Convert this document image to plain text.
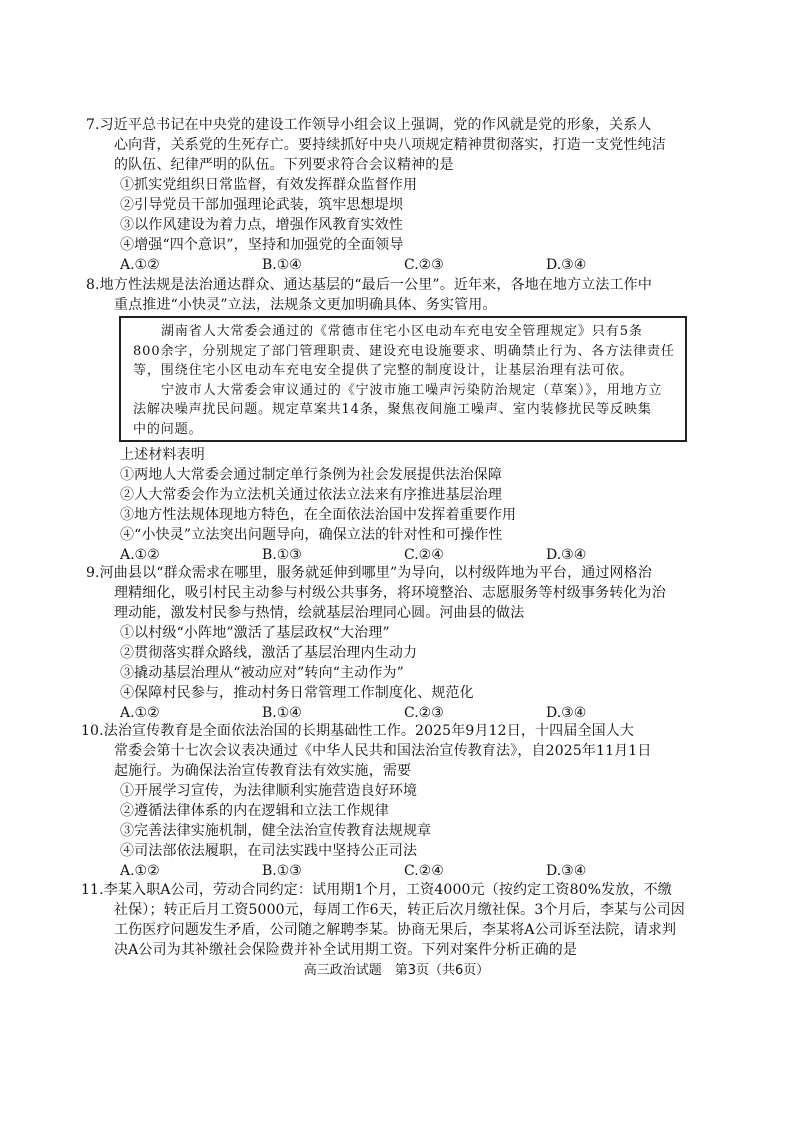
7.习近平总书记在中央党的建设工作领导小组会议上强调，党的作风就是党的形象，关系人
心向背，关系党的生死存亡。要持续抓好中央八项规定精神贯彻落实，打造一支党性纯洁
的队伍、纪律严明的队伍。下列要求符合会议精神的是
①抓实党组织日常监督，有效发挥群众监督作用
②引导党员干部加强理论武装，筑牢思想堤坝
③以作风建设为着力点，增强作风教育实效性
④增强“四个意识”，坚持和加强党的全面领导
A.①②	B.①④	C.②③	D.③④
8.地方性法规是法治通达群众、通达基层的“最后一公里”。近年来，各地在地方立法工作中
重点推进“小快灵”立法，法规条文更加明确具体、务实管用。
湖南省人大常委会通过的《常德市住宅小区电动车充电安全管理规定》只有5条
800余字，分别规定了部门管理职责、建设充电设施要求、明确禁止行为、各方法律责任
等，围绕住宅小区电动车充电安全提供了完整的制度设计，让基层治理有法可依。
宁波市人大常委会审议通过的《宁波市施工噪声污染防治规定（草案）》，用地方立
法解决噪声扰民问题。规定草案共14条，聚焦夜间施工噪声、室内装修扰民等反映集
中的问题。
上述材料表明
①两地人大常委会通过制定单行条例为社会发展提供法治保障
②人大常委会作为立法机关通过依法立法来有序推进基层治理
③地方性法规体现地方特色，在全面依法治国中发挥着重要作用
④“小快灵”立法突出问题导向，确保立法的针对性和可操作性
A.①②	B.①③	C.②④	D.③④
9.河曲县以“群众需求在哪里，服务就延伸到哪里”为导向，以村级阵地为平台，通过网格治
理精细化，吸引村民主动参与村级公共事务，将环境整治、志愿服务等村级事务转化为治
理动能，激发村民参与热情，绘就基层治理同心圆。河曲县的做法
①以村级“小阵地”激活了基层政权“大治理”
②贯彻落实群众路线，激活了基层治理内生动力
③撬动基层治理从“被动应对”转向“主动作为”
④保障村民参与，推动村务日常管理工作制度化、规范化
A.①②	B.①④	C.②③	D.③④
10.法治宣传教育是全面依法治国的长期基础性工作。2025年9月12日，十四届全国人大
常委会第十七次会议表决通过《中华人民共和国法治宣传教育法》，自2025年11月1日
起施行。为确保法治宣传教育法有效实施，需要
①开展学习宣传，为法律顺利实施营造良好环境
②遵循法律体系的内在逻辑和立法工作规律
③完善法律实施机制，健全法治宣传教育法规规章
④司法部依法履职，在司法实践中坚持公正司法
A.①②	B.①③	C.②④	D.③④
11.李某入职A公司，劳动合同约定：试用期1个月，工资4000元（按约定工资80%发放，不缴
社保）；转正后月工资5000元，每周工作6天，转正后次月缴社保。3个月后，李某与公司因
工伤医疗问题发生矛盾，公司随之解聘李某。协商无果后，李某将A公司诉至法院，请求判
决A公司为其补缴社会保险费并补全试用期工资。下列对案件分析正确的是
高三政治试题　第3页（共6页）
